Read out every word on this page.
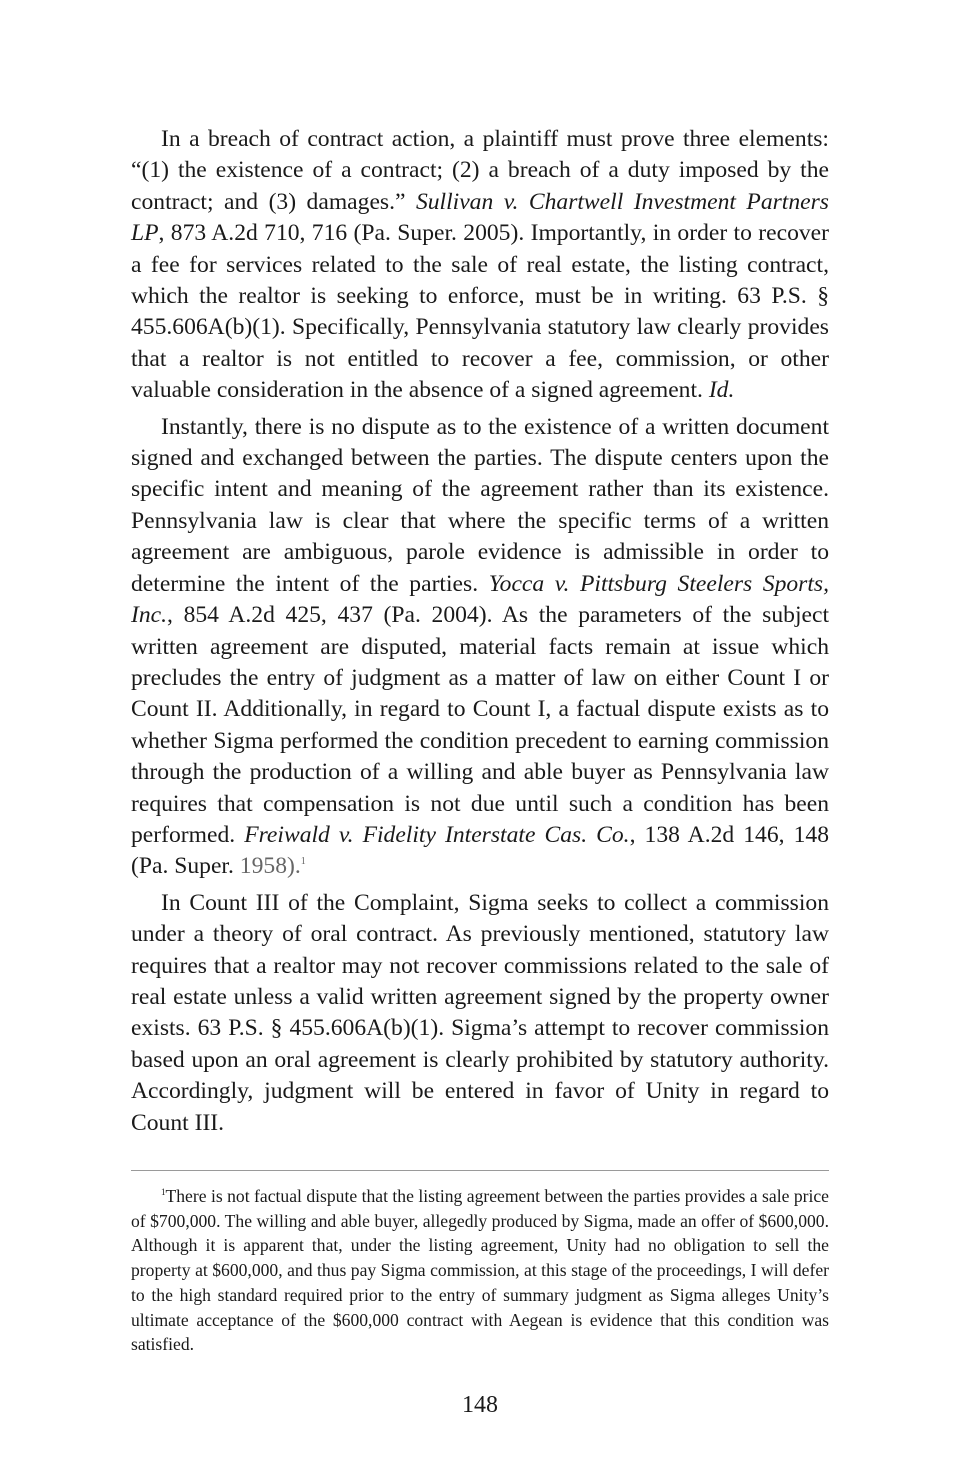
In a breach of contract action, a plaintiff must prove three elements: “(1) the existence of a contract; (2) a breach of a duty imposed by the contract; and (3) damages.” Sullivan v. Chartwell Investment Partners LP, 873 A.2d 710, 716 (Pa. Super. 2005). Importantly, in order to recover a fee for services related to the sale of real estate, the listing contract, which the realtor is seeking to enforce, must be in writing. 63 P.S. § 455.606A(b)(1). Specifically, Pennsylvania statutory law clearly provides that a realtor is not entitled to recover a fee, commission, or other valuable consideration in the absence of a signed agreement. Id.

Instantly, there is no dispute as to the existence of a written document signed and exchanged between the parties. The dispute centers upon the specific intent and meaning of the agreement rather than its existence. Pennsylvania law is clear that where the specific terms of a written agreement are ambiguous, parole evidence is admissible in order to determine the intent of the parties. Yocca v. Pittsburg Steelers Sports, Inc., 854 A.2d 425, 437 (Pa. 2004). As the parameters of the subject written agreement are disputed, material facts remain at issue which precludes the entry of judgment as a matter of law on either Count I or Count II. Additionally, in regard to Count I, a factual dispute exists as to whether Sigma performed the condition precedent to earning commission through the production of a willing and able buyer as Pennsylvania law requires that compensation is not due until such a condition has been performed. Freiwald v. Fidelity Interstate Cas. Co., 138 A.2d 146, 148 (Pa. Super. 1958).$^1$

In Count III of the Complaint, Sigma seeks to collect a commission under a theory of oral contract. As previously mentioned, statutory law requires that a realtor may not recover commissions related to the sale of real estate unless a valid written agreement signed by the property owner exists. 63 P.S. § 455.606A(b)(1). Sigma’s attempt to recover commission based upon an oral agreement is clearly prohibited by statutory authority. Accordingly, judgment will be entered in favor of Unity in regard to Count III.

$^1$There is not factual dispute that the listing agreement between the parties provides a sale price of $700,000. The willing and able buyer, allegedly produced by Sigma, made an offer of $600,000. Although it is apparent that, under the listing agreement, Unity had no obligation to sell the property at $600,000, and thus pay Sigma commission, at this stage of the proceedings, I will defer to the high standard required prior to the entry of summary judgment as Sigma alleges Unity’s ultimate acceptance of the $600,000 contract with Aegean is evidence that this condition was satisfied.

148
